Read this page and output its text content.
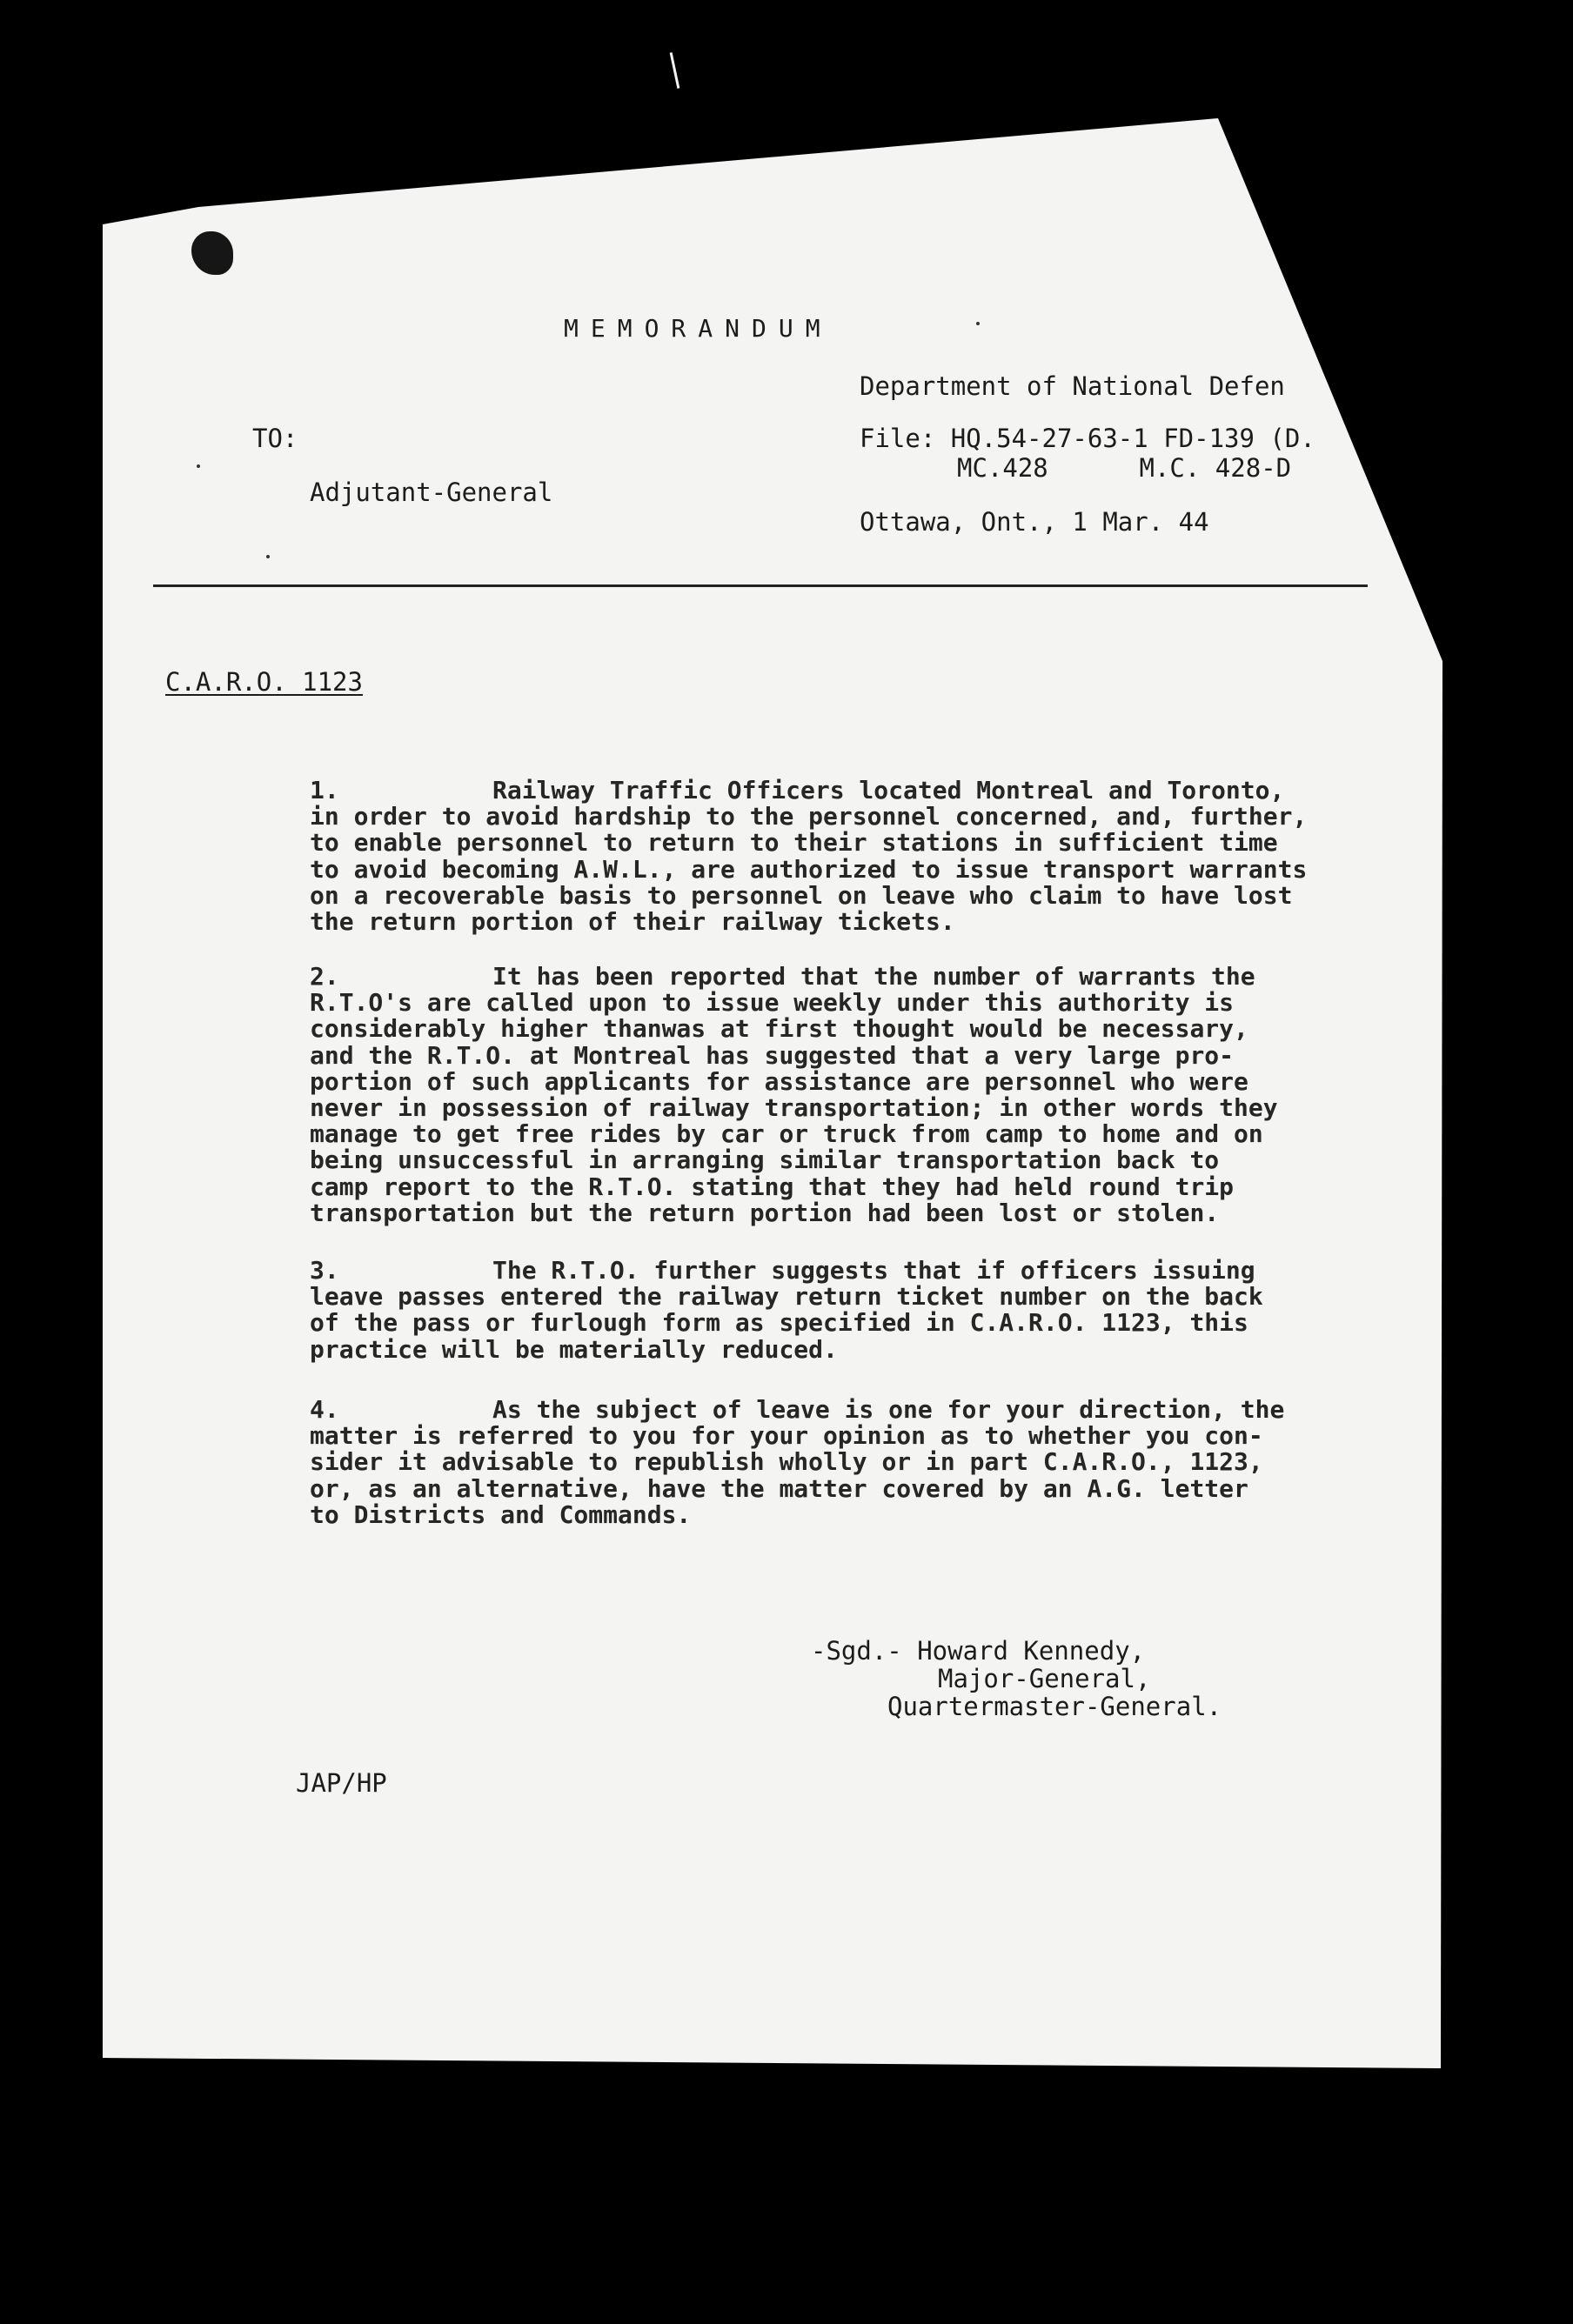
MEMORANDUM

Department of National Defen

File: HQ.54-27-63-1 FD-139 (D.

MC.428      M.C. 428-D

Ottawa, Ont., 1 Mar. 44

TO:

Adjutant-General

C.A.R.O. 1123

1.	Railway Traffic Officers located Montreal and Toronto,
in order to avoid hardship to the personnel concerned, and, further,
to enable personnel to return to their stations in sufficient time
to avoid becoming A.W.L., are authorized to issue transport warrants
on a recoverable basis to personnel on leave who claim to have lost
the return portion of their railway tickets.
2.	It has been reported that the number of warrants the
R.T.O's are called upon to issue weekly under this authority is
considerably higher thanwas at first thought would be necessary,
and the R.T.O. at Montreal has suggested that a very large pro-
portion of such applicants for assistance are personnel who were
never in possession of railway transportation; in other words they
manage to get free rides by car or truck from camp to home and on
being unsuccessful in arranging similar transportation back to
camp report to the R.T.O. stating that they had held round trip
transportation but the return portion had been lost or stolen.
3.	The R.T.O. further suggests that if officers issuing
leave passes entered the railway return ticket number on the back
of the pass or furlough form as specified in C.A.R.O. 1123, this
practice will be materially reduced.
4.	As the subject of leave is one for your direction, the
matter is referred to you for your opinion as to whether you con-
sider it advisable to republish wholly or in part C.A.R.O., 1123,
or, as an alternative, have the matter covered by an A.G. letter
to Districts and Commands.

-Sgd.- Howard Kennedy,

Major-General,

Quartermaster-General.

JAP/HP
